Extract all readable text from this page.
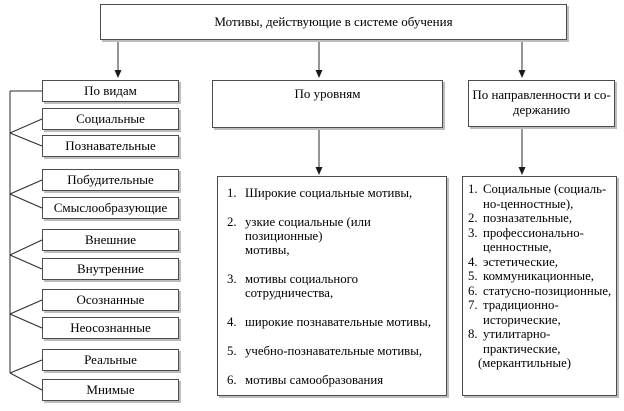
Мотивы, действующие в системе обучения
По видам	По уровням	По направленности и со-
держанию
Социальные
Познавательные
Побудительные
Смыслообразующие
Внешние
Внутренние
Осознанные
Неосознанные
Реальные
Мнимые
1. Широкие социальные мотивы,
2. узкие социальные (или позиционные)
мотивы,
3. мотивы социального сотрудничества,
4. широкие познавательные мотивы,
5. учебно-познавательные мотивы,
6. мотивы самообразования
1. Социальные (социаль-
но-ценностные),
2. позназательные,
3. профессионально-
ценностные,
4. эстетические,
5. коммуникационные,
6. статусно-позиционные,
7. традиционно-
исторические,
8. утилитарно-
практические,
(меркантильные)
